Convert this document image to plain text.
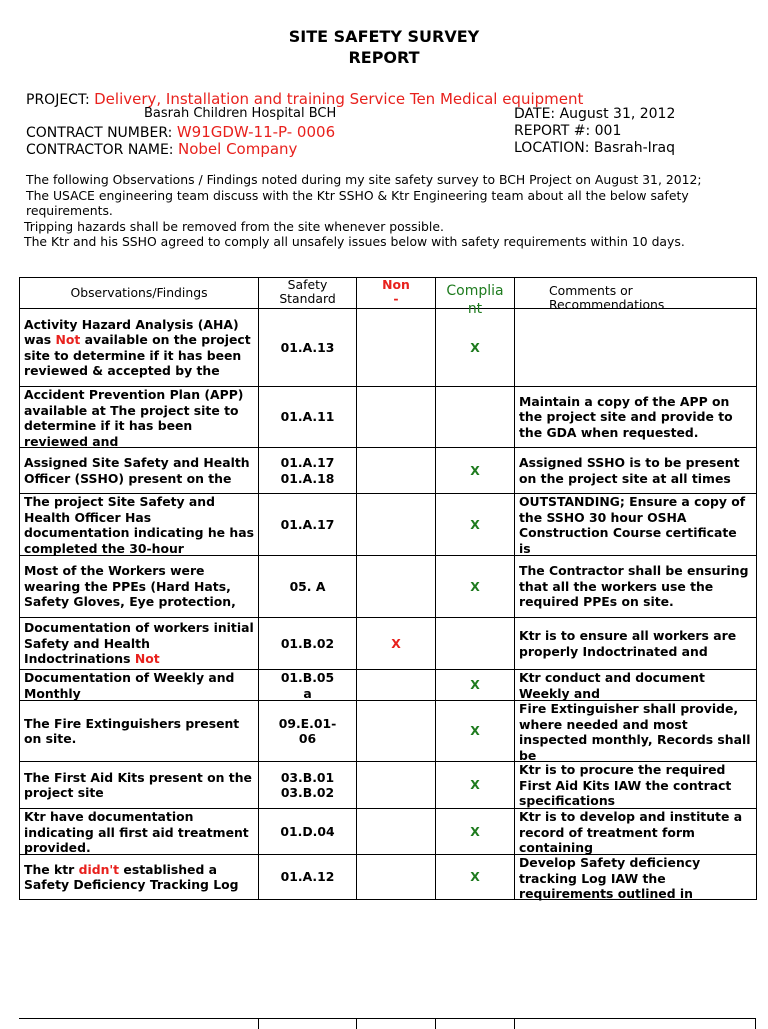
SITE SAFETY SURVEY
REPORT
PROJECT: Delivery, Installation and training Service Ten Medical equipment
Basrah Children Hospital BCH	DATE: August 31, 2012
CONTRACT NUMBER: W91GDW-11-P- 0006	REPORT #: 001
CONTRACTOR NAME: Nobel Company	LOCATION: Basrah-Iraq

The following Observations / Findings noted during my site safety survey to BCH Project on August 31, 2012;

The USACE engineering team discuss with the Ktr SSHO & Ktr Engineering team about all the below safety requirements.

Tripping hazards shall be removed from the site whenever possible.

The Ktr and his SSHO agreed to comply all unsafely issues below with safety requirements within 10 days.

Observations/Findings	Safety Standard	Non -	Complia nt	Comments or Recommendations

Activity Hazard Analysis (AHA) was Not available on the project site to determine if it has been reviewed & accepted by the	01.A.13		X	

Accident Prevention Plan (APP) available at The project site to determine if it has been reviewed and	01.A.11			Maintain a copy of the APP on the project site and provide to the GDA when requested.

Assigned Site Safety and Health Officer (SSHO) present on the	01.A.17 01.A.18		X	Assigned SSHO is to be present on the project site at all times

The project Site Safety and Health Officer Has documentation indicating he has completed the 30-hour	01.A.17		X	OUTSTANDING; Ensure a copy of the SSHO 30 hour OSHA Construction Course certificate is

Most of the Workers were wearing the PPEs (Hard Hats, Safety Gloves, Eye protection,	05. A		X	The Contractor shall be ensuring that all the workers use the required PPEs on site.

Documentation of workers initial Safety and Health Indoctrinations Not	01.B.02	X		Ktr is to ensure all workers are properly Indoctrinated and

Documentation of Weekly and Monthly	01.B.05 a		X	Ktr conduct and document Weekly and

The Fire Extinguishers present on site.	09.E.01- 06		X	Fire Extinguisher shall provide, where needed and most inspected monthly, Records shall be

The First Aid Kits present on the project site	03.B.01 03.B.02		X	Ktr is to procure the required First Aid Kits IAW the contract specifications

Ktr have documentation indicating all first aid treatment provided.	01.D.04		X	Ktr is to develop and institute a record of treatment form containing

The ktr didn't established a Safety Deficiency Tracking Log	01.A.12		X	Develop Safety deficiency tracking Log IAW the requirements outlined in
